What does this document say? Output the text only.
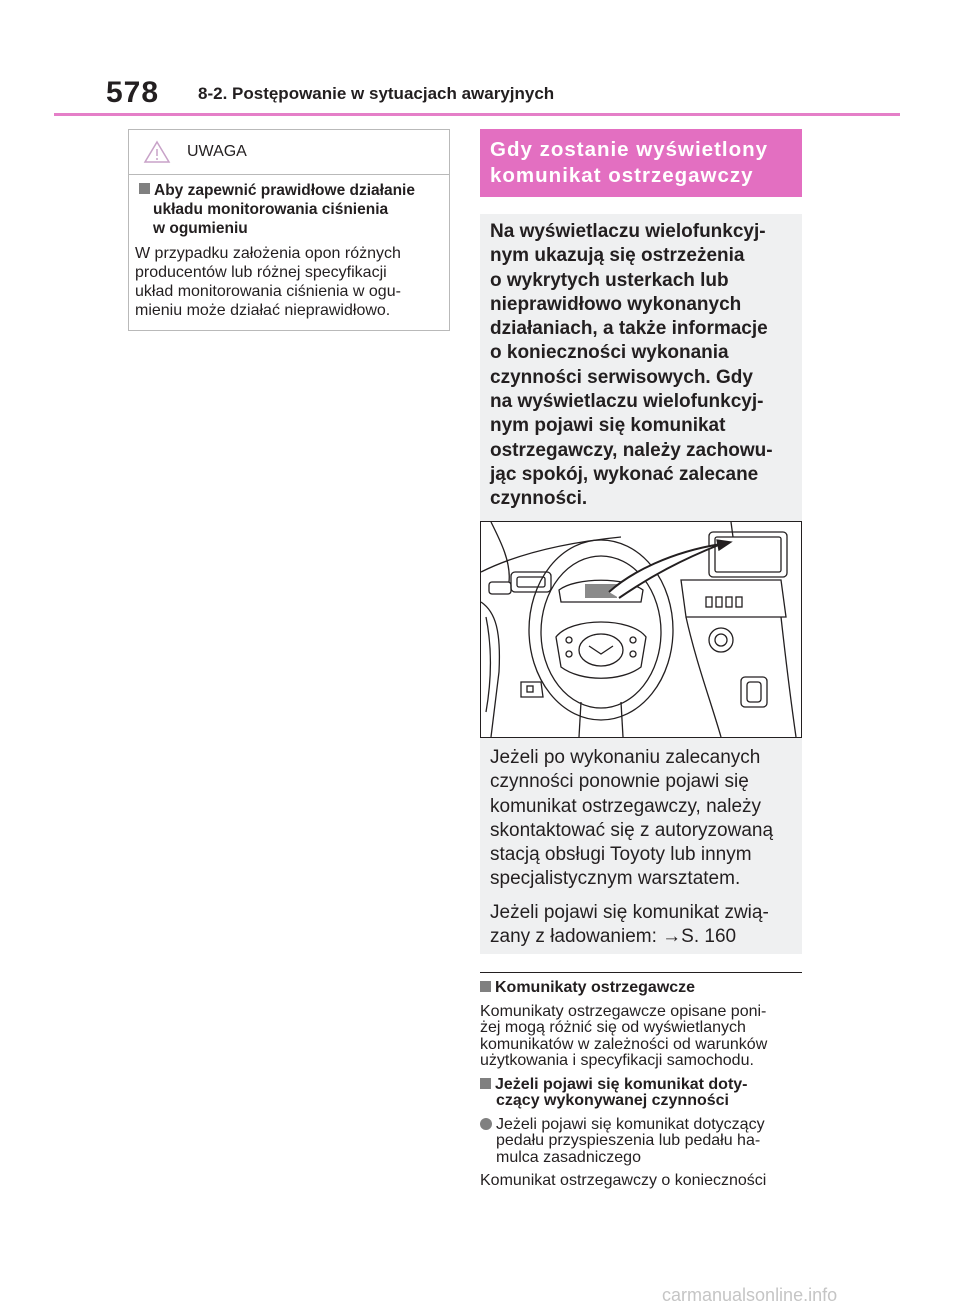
578 8-2. Postępowanie w sytuacjach awaryjnych
UWAGA
Aby zapewnić prawidłowe działanie
układu monitorowania ciśnienia
w ogumieniu
W przypadku założenia opon różnych
producentów lub różnej specyfikacji
układ monitorowania ciśnienia w ogu-
mieniu może działać nieprawidłowo.
Gdy zostanie wyświetlony
komunikat ostrzegawczy
Na wyświetlaczu wielofunkcyj-
nym ukazują się ostrzeżenia
o wykrytych usterkach lub
nieprawidłowo wykonanych
działaniach, a także informacje
o konieczności wykonania
czynności serwisowych. Gdy
na wyświetlaczu wielofunkcyj-
nym pojawi się komunikat
ostrzegawczy, należy zachowu-
jąc spokój, wykonać zalecane
czynności.

Jeżeli po wykonaniu zalecanych
czynności ponownie pojawi się
komunikat ostrzegawczy, należy
skontaktować się z autoryzowaną
stacją obsługi Toyoty lub innym
specjalistycznym warsztatem.

Jeżeli pojawi się komunikat zwią-
zany z ładowaniem: →S. 160

Komunikaty ostrzegawcze
Komunikaty ostrzegawcze opisane poni-
żej mogą różnić się od wyświetlanych
komunikatów w zależności od warunków
użytkowania i specyfikacji samochodu.
Jeżeli pojawi się komunikat doty-
czący wykonywanej czynności
Jeżeli pojawi się komunikat dotyczący
pedału przyspieszenia lub pedału ha-
mulca zasadniczego
Komunikat ostrzegawczy o konieczności
carmanualsonline.info
